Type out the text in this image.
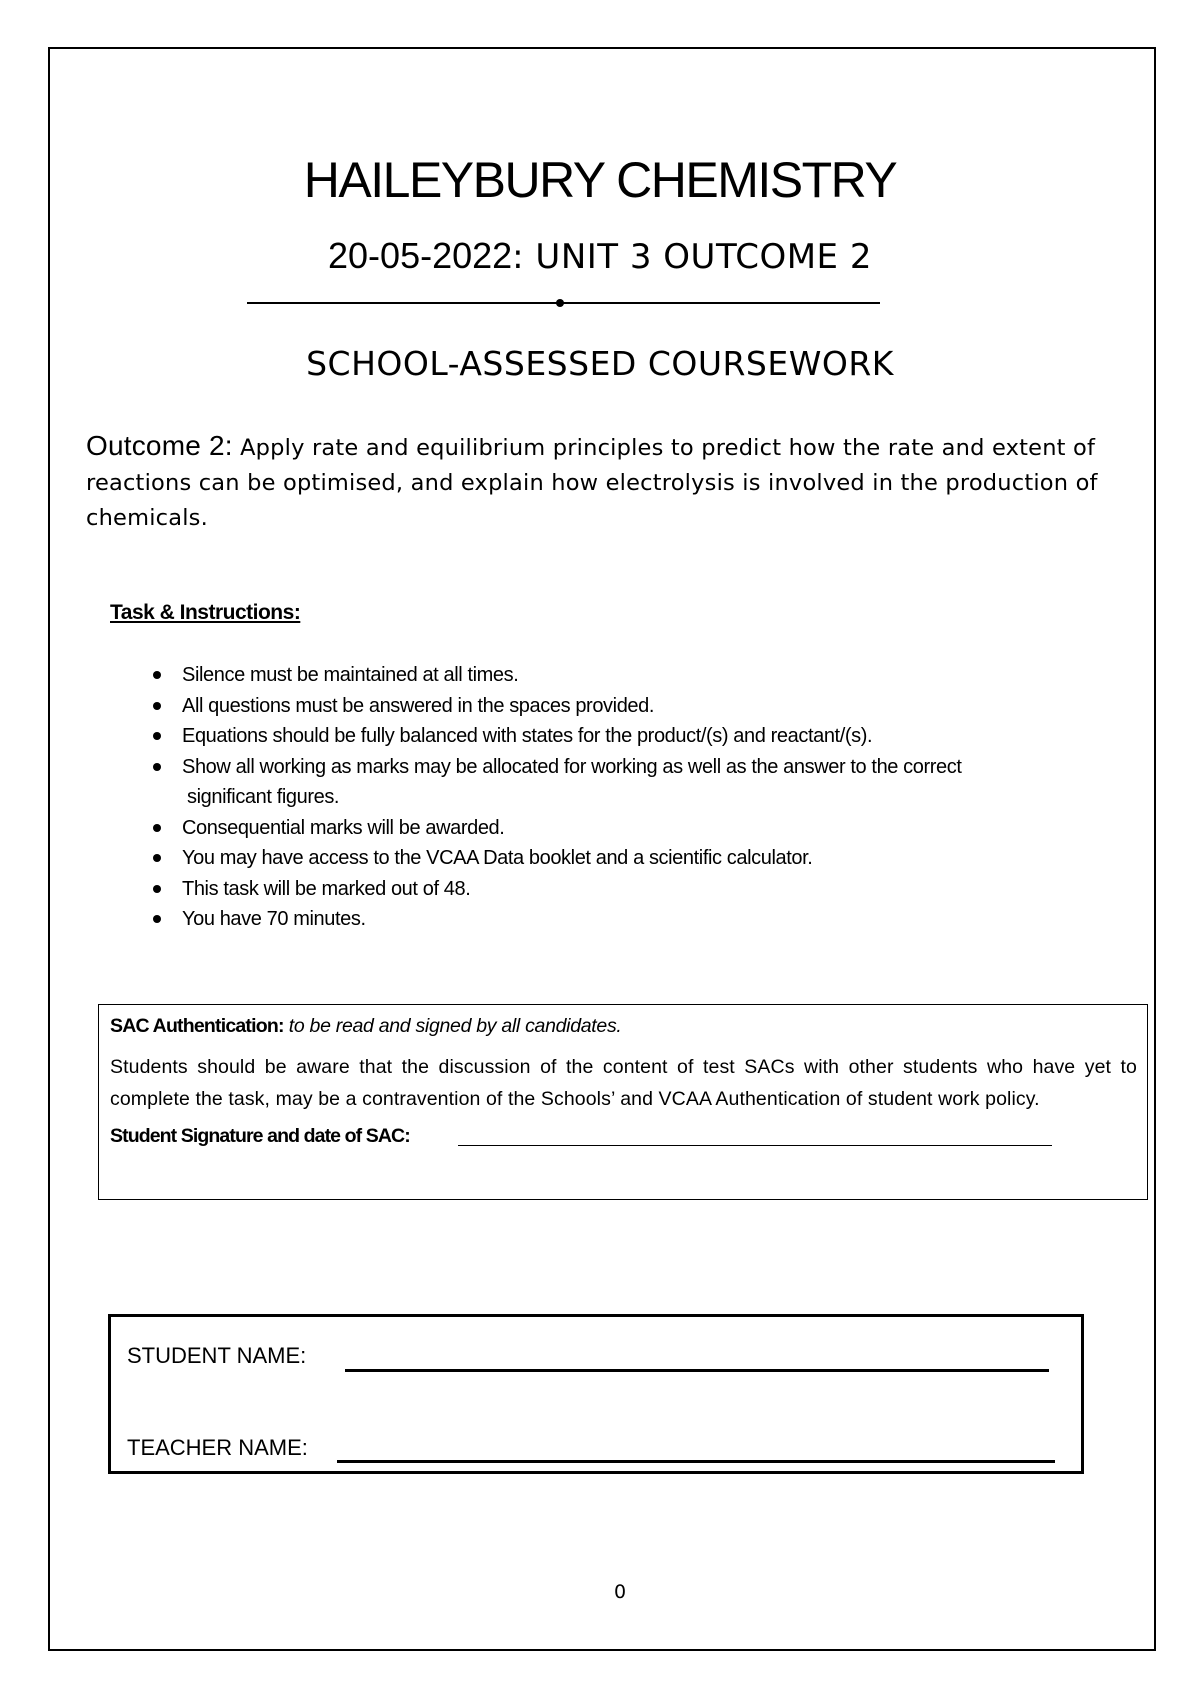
HAILEYBURY CHEMISTRY
20-05-2022: UNIT 3 OUTCOME 2
SCHOOL-ASSESSED COURSEWORK
Outcome 2: Apply rate and equilibrium principles to predict how the rate and extent of reactions can be optimised, and explain how electrolysis is involved in the production of chemicals.
Task & Instructions:
Silence must be maintained at all times.
All questions must be answered in the spaces provided.
Equations should be fully balanced with states for the product/(s) and reactant/(s).
Show all working as marks may be allocated for working as well as the answer to the correct
significant figures.
Consequential marks will be awarded.
You may have access to the VCAA Data booklet and a scientific calculator.
This task will be marked out of 48.
You have 70 minutes.
SAC Authentication: to be read and signed by all candidates.
Students should be aware that the discussion of the content of test SACs with other students who have yet to complete the task, may be a contravention of the Schools’ and VCAA Authentication of student work policy.
Student Signature and date of SAC:
STUDENT NAME:
TEACHER NAME:
0
